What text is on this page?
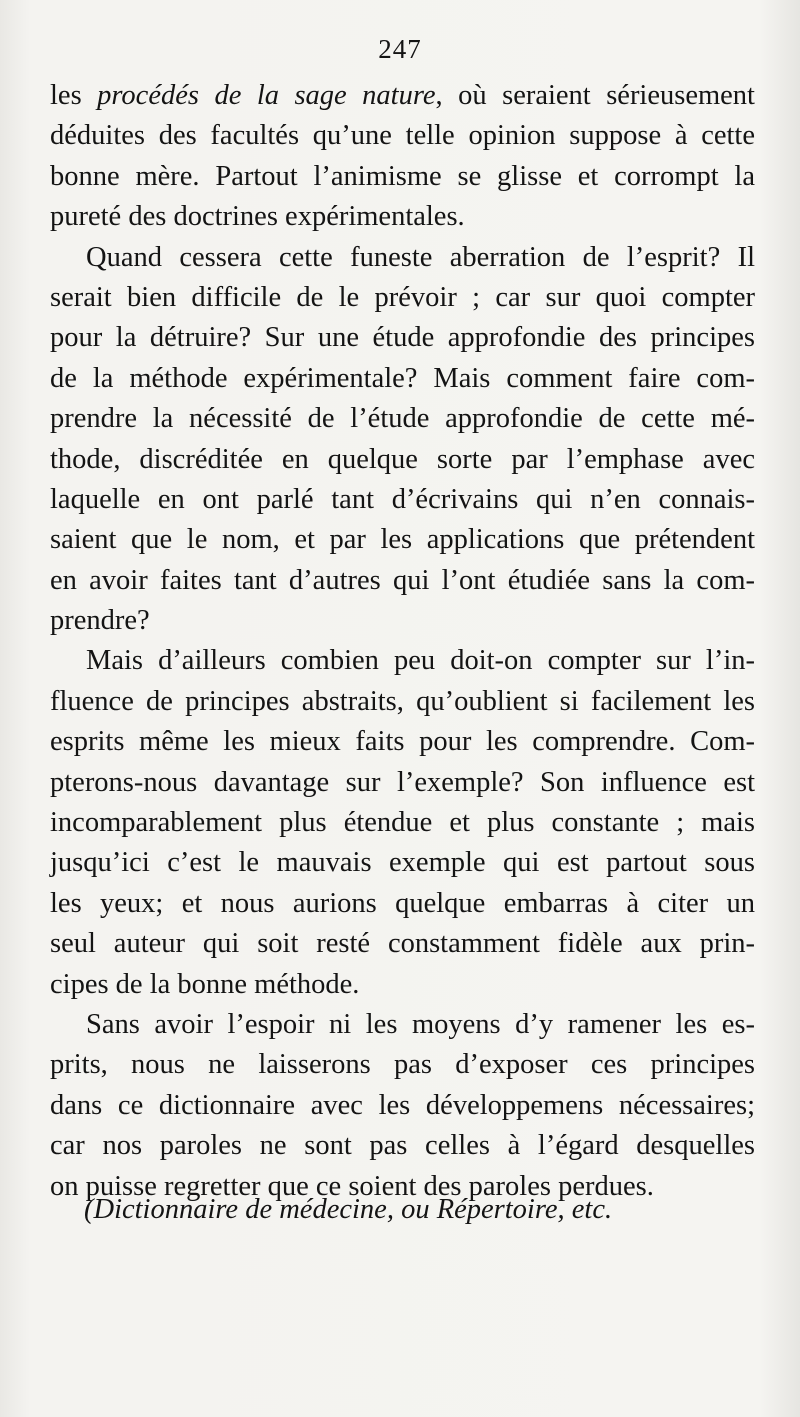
247
les procédés de la sage nature, où seraient sérieusement
déduites des facultés qu’une telle opinion suppose à cette
bonne mère. Partout l’animisme se glisse et corrompt la
pureté des doctrines expérimentales.
Quand cessera cette funeste aberration de l’esprit? Il
serait bien difficile de le prévoir ; car sur quoi compter
pour la détruire? Sur une étude approfondie des principes
de la méthode expérimentale? Mais comment faire com-
prendre la nécessité de l’étude approfondie de cette mé-
thode, discréditée en quelque sorte par l’emphase avec
laquelle en ont parlé tant d’écrivains qui n’en connais-
saient que le nom, et par les applications que prétendent
en avoir faites tant d’autres qui l’ont étudiée sans la com-
prendre?
Mais d’ailleurs combien peu doit-on compter sur l’in-
fluence de principes abstraits, qu’oublient si facilement les
esprits même les mieux faits pour les comprendre. Com-
pterons-nous davantage sur l’exemple? Son influence est
incomparablement plus étendue et plus constante ; mais
jusqu’ici c’est le mauvais exemple qui est partout sous
les yeux; et nous aurions quelque embarras à citer un
seul auteur qui soit resté constamment fidèle aux prin-
cipes de la bonne méthode.
Sans avoir l’espoir ni les moyens d’y ramener les es-
prits, nous ne laisserons pas d’exposer ces principes
dans ce dictionnaire avec les développemens nécessaires;
car nos paroles ne sont pas celles à l’égard desquelles
on puisse regretter que ce soient des paroles perdues.
(Dictionnaire de médecine, ou Répertoire, etc.
